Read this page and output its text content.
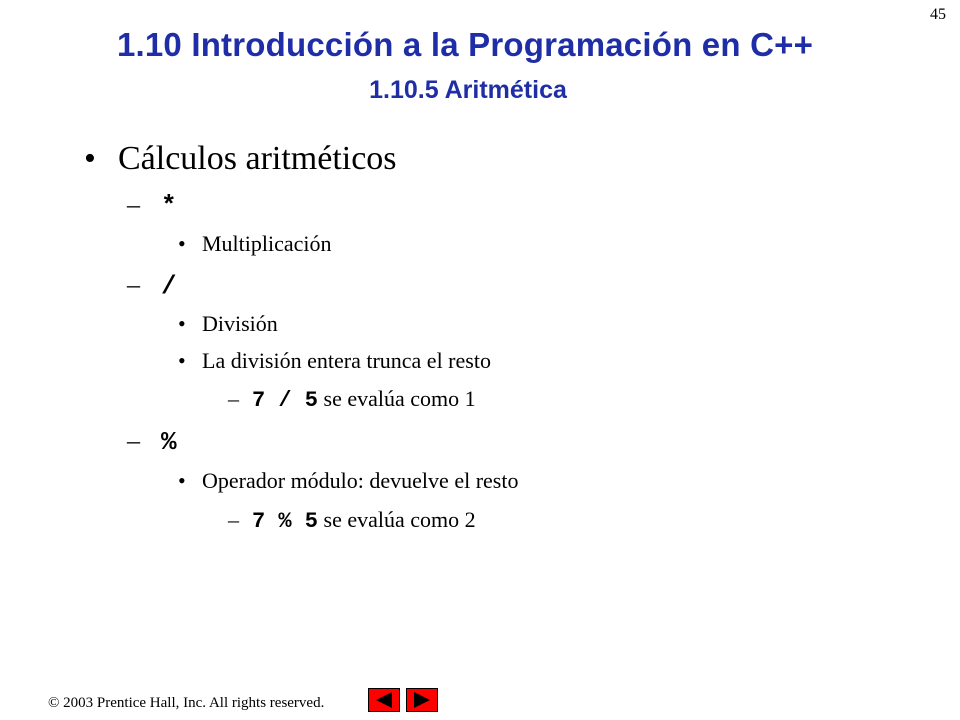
45
1.10 Introducción a la Programación en C++
1.10.5 Aritmética
• Cálculos aritméticos
– *
• Multiplicación
– /
• División
• La división entera trunca el resto
– 7 / 5 se evalúa como 1
– %
• Operador módulo: devuelve el resto
– 7 % 5 se evalúa como 2
© 2003 Prentice Hall, Inc. All rights reserved.
